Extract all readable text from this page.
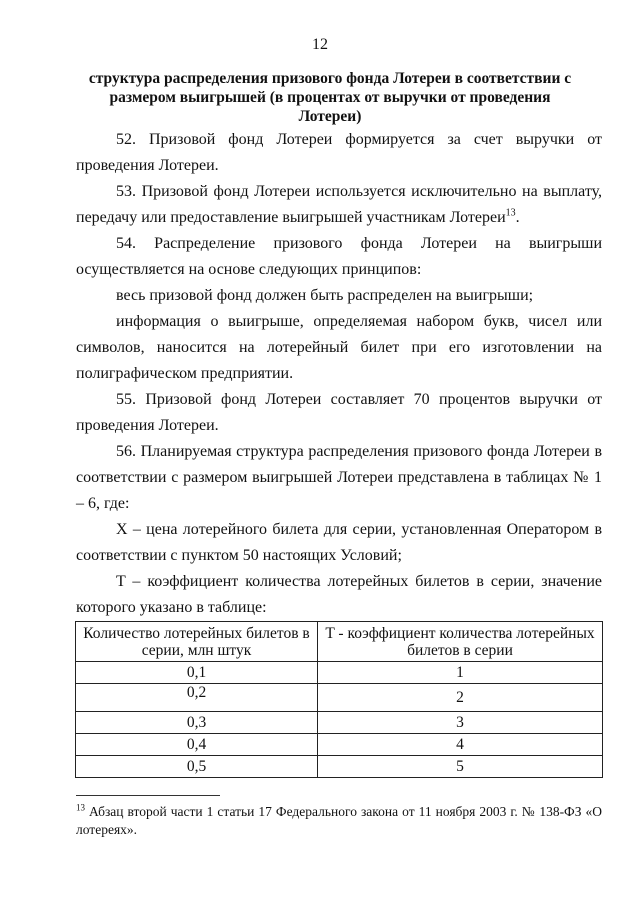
12
структура распределения призового фонда Лотереи в соответствии с размером выигрышей (в процентах от выручки от проведения Лотереи)
52. Призовой фонд Лотереи формируется за счет выручки от проведения Лотереи.
53. Призовой фонд Лотереи используется исключительно на выплату, передачу или предоставление выигрышей участникам Лотереи$^{13}$.
54. Распределение призового фонда Лотереи на выигрыши осуществляется на основе следующих принципов:
весь призовой фонд должен быть распределен на выигрыши;
информация о выигрыше, определяемая набором букв, чисел или символов, наносится на лотерейный билет при его изготовлении на полиграфическом предприятии.
55. Призовой фонд Лотереи составляет 70 процентов выручки от проведения Лотереи.
56. Планируемая структура распределения призового фонда Лотереи в соответствии с размером выигрышей Лотереи представлена в таблицах № 1 – 6, где:
X – цена лотерейного билета для серии, установленная Оператором в соответствии с пунктом 50 настоящих Условий;
T – коэффициент количества лотерейных билетов в серии, значение которого указано в таблице:
Количество лотерейных билетов в серии, млн штук	T - коэффициент количества лотерейных билетов в серии
0,1	1
0,2	2
0,3	3
0,4	4
0,5	5
$^{13}$ Абзац второй части 1 статьи 17 Федерального закона от 11 ноября 2003 г. № 138-ФЗ «О лотереях».
